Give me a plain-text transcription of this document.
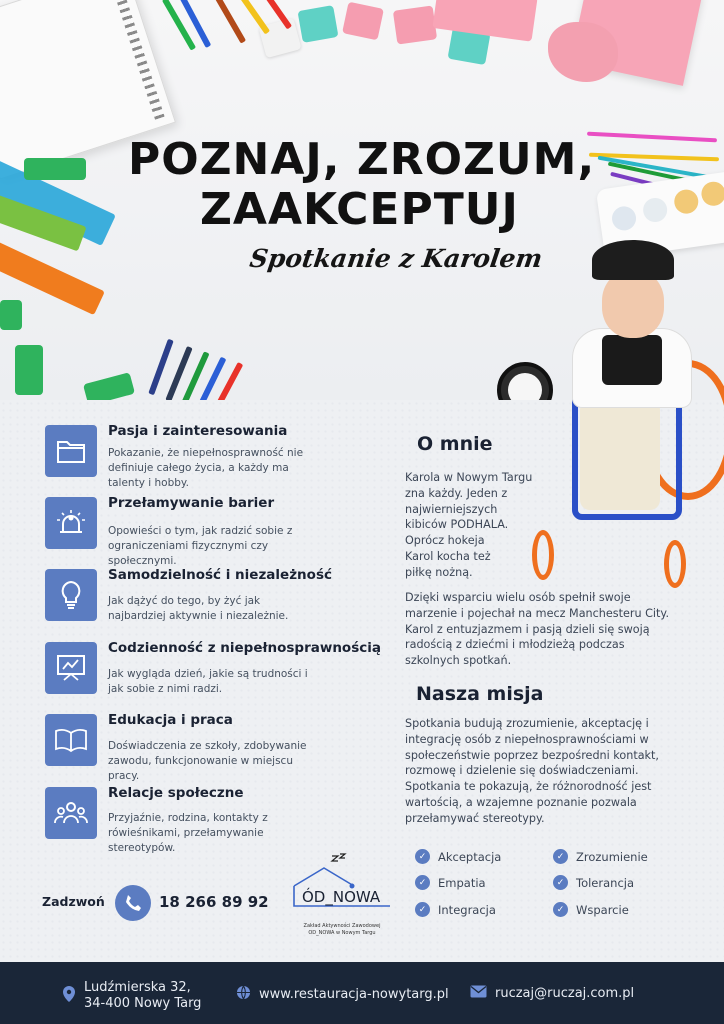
POZNAJ, ZROZUM,
ZAAKCEPTUJ
Spotkanie z Karolem
Pasja i zainteresowania
Pokazanie, że niepełnosprawność nie definiuje całego życia, a każdy ma talenty i hobby.
Przełamywanie barier
Opowieści o tym, jak radzić sobie z ograniczeniami fizycznymi czy społecznymi.
Samodzielność i niezależność
Jak dążyć do tego, by żyć jak najbardziej aktywnie i niezależnie.
Codzienność z niepełnosprawnością
Jak wygląda dzień, jakie są trudności i jak sobie z nimi radzi.
Edukacja i praca
Doświadczenia ze szkoły, zdobywanie zawodu, funkcjonowanie w miejscu pracy.
Relacje społeczne
Przyjaźnie, rodzina, kontakty z rówieśnikami, przełamywanie stereotypów.
O mnie
Karola w Nowym Targu
zna każdy. Jeden z
najwierniejszych
kibiców PODHALA.
Oprócz hokeja
Karol kocha też
piłkę nożną.
Dzięki wsparciu wielu osób spełnił swoje marzenie i pojechał na mecz Manchesteru City. Karol z entuzjazmem i pasją dzieli się swoją radością z dziećmi i młodzieżą podczas szkolnych spotkań.
Nasza misja
Spotkania budują zrozumienie, akceptację i integrację osób z niepełnosprawnościami w społeczeństwie poprzez bezpośredni kontakt, rozmowę i dzielenie się doświadczeniami. Spotkania te pokazują, że różnorodność jest wartością, a wzajemne poznanie pozwala przełamywać stereotypy.
✓	Akceptacja	✓	Zrozumienie
✓	Empatia	✓	Tolerancja
✓	Integracja	✓	Wsparcie
Zadzwoń	18 266 89 92 ÓD_NOWA
Zakład Aktywności Zawodowej
OD_NOWA w Nowym Targu
Ludźmierska 32,
34-400 Nowy Targ
www.restauracja-nowytarg.pl	ruczaj@ruczaj.com.pl
